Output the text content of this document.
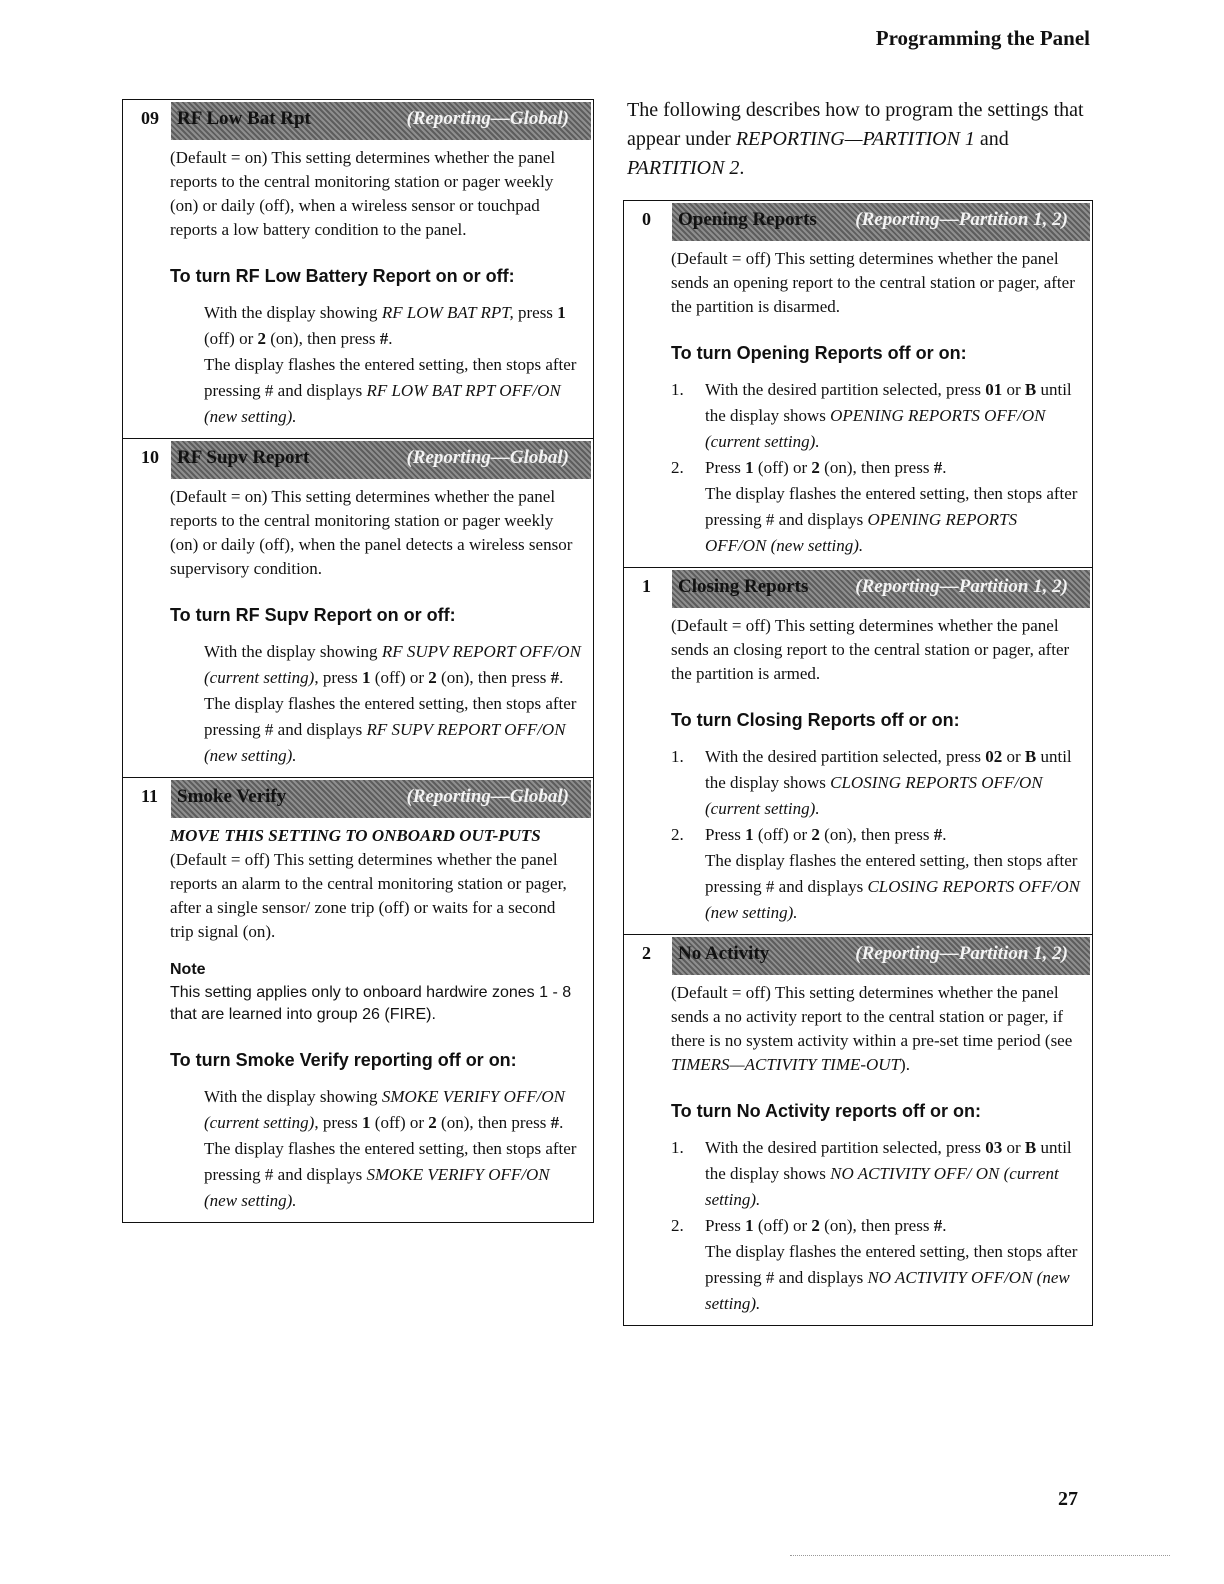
Programming the Panel
The following describes how to program the settings that appear under REPORTING—PARTITION 1 and PARTITION 2.
09 RF Low Bat Rpt	(Reporting—Global)

(Default = on) This setting determines whether the panel reports to the central monitoring station or pager weekly (on) or daily (off), when a wireless sensor or touchpad reports a low battery condition to the panel.

To turn RF Low Battery Report on or off:
With the display showing RF LOW BAT RPT, press 1 (off) or 2 (on), then press #.
The display flashes the entered setting, then stops after pressing # and displays RF LOW BAT RPT OFF/ON (new setting).
10 RF Supv Report	(Reporting—Global)

(Default = on) This setting determines whether the panel reports to the central monitoring station or pager weekly (on) or daily (off), when the panel detects a wireless sensor supervisory condition.

To turn RF Supv Report on or off:
With the display showing RF SUPV REPORT OFF/ON (current setting), press 1 (off) or 2 (on), then press #.
The display flashes the entered setting, then stops after pressing # and displays RF SUPV REPORT OFF/ON (new setting).
11 Smoke Verify	(Reporting—Global)

MOVE THIS SETTING TO ONBOARD OUT-PUTS (Default = off) This setting determines whether the panel reports an alarm to the central monitoring station or pager, after a single sensor/ zone trip (off) or waits for a second trip signal (on).

Note
This setting applies only to onboard hardwire zones 1 - 8 that are learned into group 26 (FIRE).
To turn Smoke Verify reporting off or on:
With the display showing SMOKE VERIFY OFF/ON (current setting), press 1 (off) or 2 (on), then press #.
The display flashes the entered setting, then stops after pressing # and displays SMOKE VERIFY OFF/ON (new setting).
0 Opening Reports (Reporting—Partition 1, 2)

(Default = off) This setting determines whether the panel sends an opening report to the central station or pager, after the partition is disarmed.

To turn Opening Reports off or on:
1. With the desired partition selected, press 01 or B until the display shows OPENING REPORTS OFF/ON (current setting).
2. Press 1 (off) or 2 (on), then press #.
The display flashes the entered setting, then stops after pressing # and displays OPENING REPORTS OFF/ON (new setting).
1 Closing Reports (Reporting—Partition 1, 2)

(Default = off) This setting determines whether the panel sends an closing report to the central station or pager, after the partition is armed.

To turn Closing Reports off or on:
1. With the desired partition selected, press 02 or B until the display shows CLOSING REPORTS OFF/ON (current setting).
2. Press 1 (off) or 2 (on), then press #.
The display flashes the entered setting, then stops after pressing # and displays CLOSING REPORTS OFF/ON (new setting).
2 No Activity	(Reporting—Partition 1, 2)

(Default = off) This setting determines whether the panel sends a no activity report to the central station or pager, if there is no system activity within a pre-set time period (see TIMERS—ACTIVITY TIME-OUT).

To turn No Activity reports off or on:
1. With the desired partition selected, press 03 or B until the display shows NO ACTIVITY OFF/ ON (current setting).
2. Press 1 (off) or 2 (on), then press #.
The display flashes the entered setting, then stops after pressing # and displays NO ACTIVITY OFF/ON (new setting).
27
